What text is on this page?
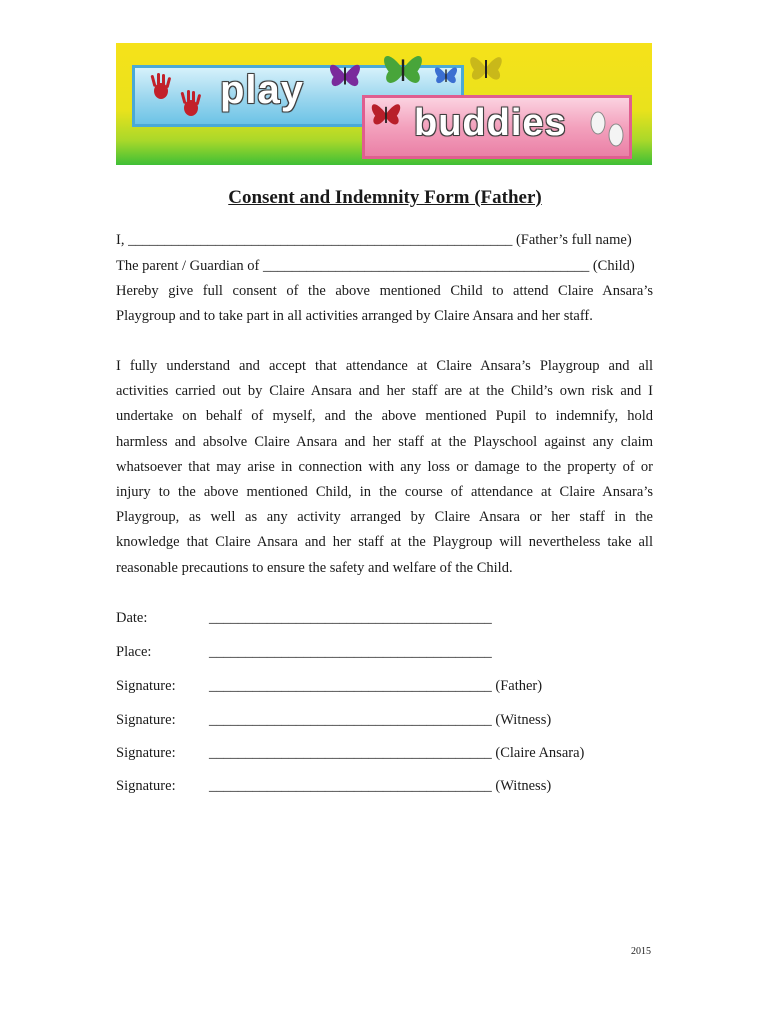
play
buddies
Consent and Indemnity Form (Father)
I, _____________________________________________________ (Father’s full name)
The parent / Guardian of _____________________________________________ (Child)
Hereby give full consent of the above mentioned Child to attend Claire Ansara’s
Playgroup and to take part in all activities arranged by Claire Ansara and her staff.
I fully understand and accept that attendance at Claire Ansara’s Playgroup and all
activities carried out by Claire Ansara and her staff are at the Child’s own risk and I
undertake on behalf of myself, and the above mentioned Pupil to indemnify, hold
harmless and absolve Claire Ansara and her staff at the Playschool against any claim
whatsoever that may arise in connection with any loss or damage to the property of or
injury to the above mentioned Child, in the course of attendance at Claire Ansara’s
Playgroup, as well as any activity arranged by Claire Ansara or her staff in the
knowledge that Claire Ansara and her staff at the Playgroup will nevertheless take all
reasonable precautions to ensure the safety and welfare of the Child.
Date:	_______________________________________
Place:	_______________________________________
Signature: _______________________________________ (Father)
Signature: _______________________________________ (Witness)
Signature: _______________________________________ (Claire Ansara)
Signature: _______________________________________ (Witness)
2015
